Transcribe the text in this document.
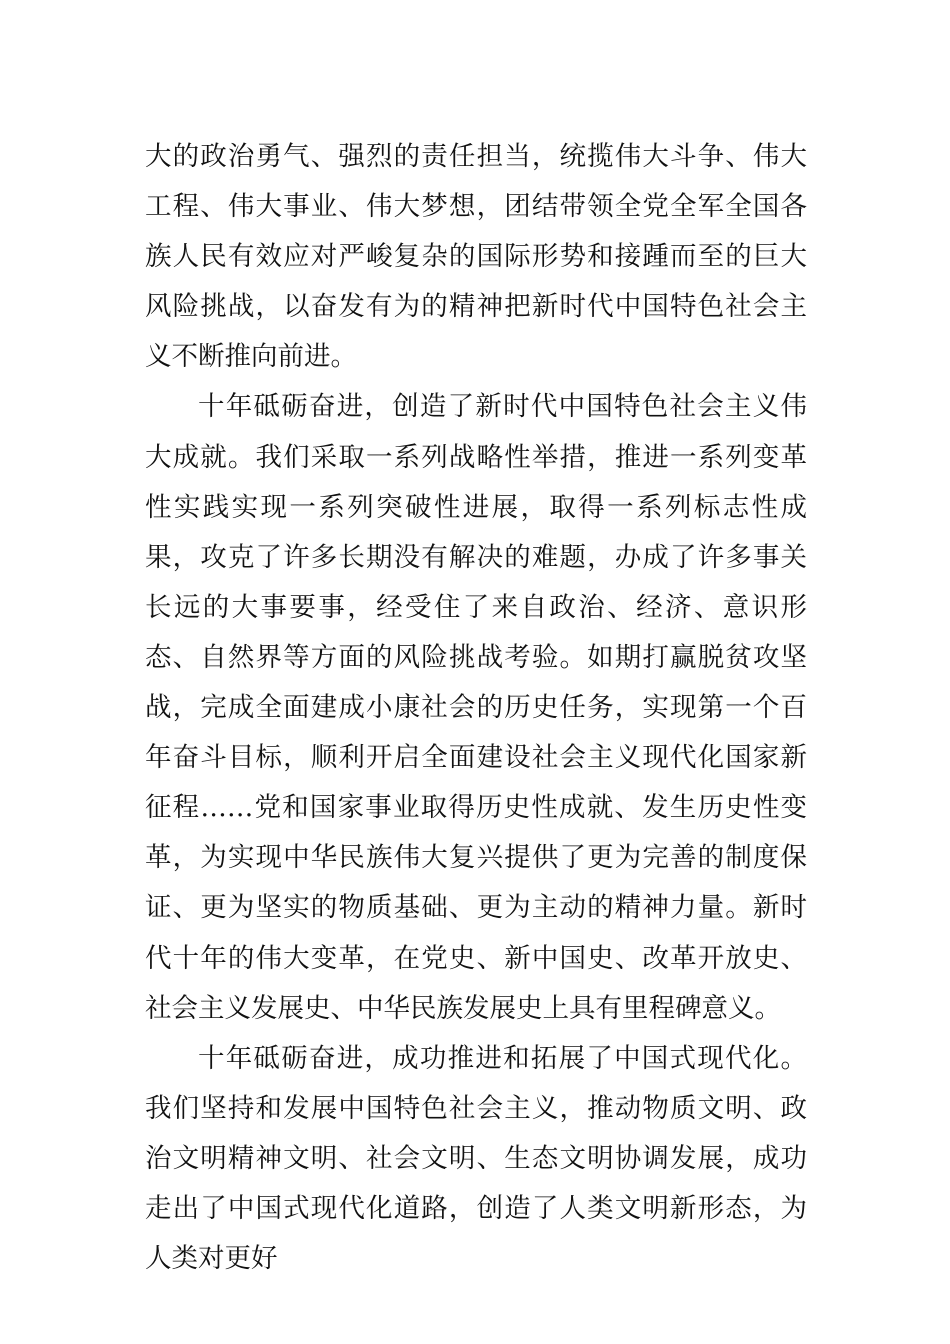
大的政治勇气、强烈的责任担当，统揽伟大斗争、伟大工程、伟大事业、伟大梦想，团结带领全党全军全国各族人民有效应对严峻复杂的国际形势和接踵而至的巨大风险挑战，以奋发有为的精神把新时代中国特色社会主义不断推向前进。

十年砥砺奋进，创造了新时代中国特色社会主义伟大成就。我们采取一系列战略性举措，推进一系列变革性实践实现一系列突破性进展，取得一系列标志性成果，攻克了许多长期没有解决的难题，办成了许多事关长远的大事要事，经受住了来自政治、经济、意识形态、自然界等方面的风险挑战考验。如期打赢脱贫攻坚战，完成全面建成小康社会的历史任务，实现第一个百年奋斗目标，顺利开启全面建设社会主义现代化国家新征程……党和国家事业取得历史性成就、发生历史性变革，为实现中华民族伟大复兴提供了更为完善的制度保证、更为坚实的物质基础、更为主动的精神力量。新时代十年的伟大变革，在党史、新中国史、改革开放史、社会主义发展史、中华民族发展史上具有里程碑意义。

十年砥砺奋进，成功推进和拓展了中国式现代化。我们坚持和发展中国特色社会主义，推动物质文明、政治文明精神文明、社会文明、生态文明协调发展，成功走出了中国式现代化道路，创造了人类文明新形态，为人类对更好
